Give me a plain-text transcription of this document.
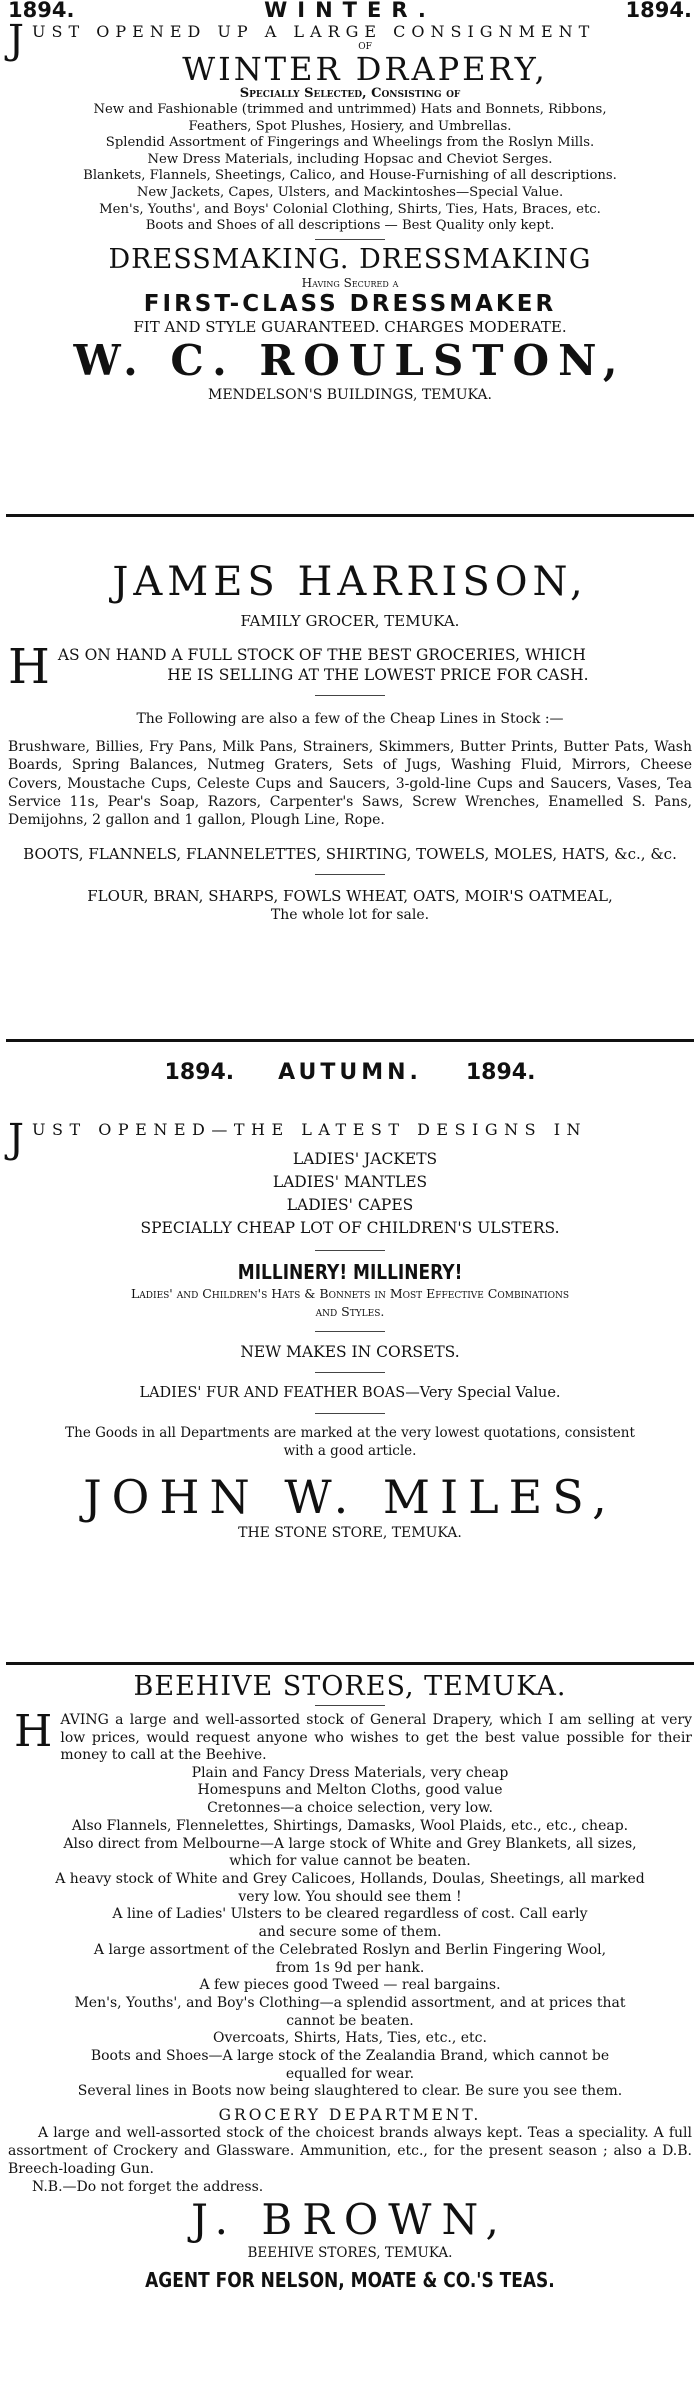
1894.	WINTER.	1894.
J UST OPENED UP A LARGE CONSIGNMENT
OF
WINTER DRAPERY,
Specially Selected, Consisting of
New and Fashionable (trimmed and untrimmed) Hats and Bonnets, Ribbons,
Feathers, Spot Plushes, Hosiery, and Umbrellas.
Splendid Assortment of Fingerings and Wheelings from the Roslyn Mills.
New Dress Materials, including Hopsac and Cheviot Serges.
Blankets, Flannels, Sheetings, Calico, and House-Furnishing of all descriptions.
New Jackets, Capes, Ulsters, and Mackintoshes—Special Value.
Men's, Youths', and Boys' Colonial Clothing, Shirts, Ties, Hats, Braces, etc.
Boots and Shoes of all descriptions — Best Quality only kept.
DRESSMAKING. DRESSMAKING
Having Secured a
FIRST-CLASS DRESSMAKER
FIT AND STYLE GUARANTEED. CHARGES MODERATE.
W. C. ROULSTON,
MENDELSON'S BUILDINGS, TEMUKA.
JAMES HARRISON,
FAMILY GROCER, TEMUKA.
H AS ON HAND A FULL STOCK OF THE BEST GROCERIES, WHICH
HE IS SELLING AT THE LOWEST PRICE FOR CASH.
The Following are also a few of the Cheap Lines in Stock :—
Brushware, Billies, Fry Pans, Milk Pans, Strainers, Skimmers, Butter Prints, Butter Pats, Wash Boards, Spring Balances, Nutmeg Graters, Sets of Jugs, Washing Fluid, Mirrors, Cheese Covers, Moustache Cups, Celeste Cups and Saucers, 3-gold-line Cups and Saucers, Vases, Tea Service 11s, Pear's Soap, Razors, Carpenter's Saws, Screw Wrenches, Enamelled S. Pans, Demijohns, 2 gallon and 1 gallon, Plough Line, Rope.
BOOTS, FLANNELS, FLANNELETTES, SHIRTING, TOWELS, MOLES, HATS, &c., &c.
FLOUR, BRAN, SHARPS, FOWLS WHEAT, OATS, MOIR'S OATMEAL,
The whole lot for sale.
1894. AUTUMN. 1894.
J UST OPENED—THE LATEST DESIGNS IN
LADIES' JACKETS
LADIES' MANTLES
LADIES' CAPES
SPECIALLY CHEAP LOT OF CHILDREN'S ULSTERS.
MILLINERY! MILLINERY!
Ladies' and Children's Hats & Bonnets in Most Effective Combinations
and Styles.
NEW MAKES IN CORSETS.
LADIES' FUR AND FEATHER BOAS—Very Special Value.
The Goods in all Departments are marked at the very lowest quotations, consistent
with a good article.
JOHN W. MILES,
THE STONE STORE, TEMUKA.
BEEHIVE STORES, TEMUKA.
HAVING a large and well-assorted stock of General Drapery, which I am selling at very low prices, would request anyone who wishes to get the best value possible for their money to call at the Beehive.
Plain and Fancy Dress Materials, very cheap
Homespuns and Melton Cloths, good value
Cretonnes—a choice selection, very low.
Also Flannels, Flennelettes, Shirtings, Damasks, Wool Plaids, etc., etc., cheap.
Also direct from Melbourne—A large stock of White and Grey Blankets, all sizes,
which for value cannot be beaten.
A heavy stock of White and Grey Calicoes, Hollands, Doulas, Sheetings, all marked
very low. You should see them !
A line of Ladies' Ulsters to be cleared regardless of cost. Call early
and secure some of them.
A large assortment of the Celebrated Roslyn and Berlin Fingering Wool,
from 1s 9d per hank.
A few pieces good Tweed — real bargains.
Men's, Youths', and Boy's Clothing—a splendid assortment, and at prices that
cannot be beaten.
Overcoats, Shirts, Hats, Ties, etc., etc.
Boots and Shoes—A large stock of the Zealandia Brand, which cannot be
equalled for wear.
Several lines in Boots now being slaughtered to clear. Be sure you see them.
GROCERY DEPARTMENT.
A large and well-assorted stock of the choicest brands always kept. Teas a speciality. A full assortment of Crockery and Glassware. Ammunition, etc., for the present season ; also a D.B. Breech-loading Gun.
N.B.—Do not forget the address.
J. BROWN,
BEEHIVE STORES, TEMUKA.
AGENT FOR NELSON, MOATE & CO.'S TEAS.
